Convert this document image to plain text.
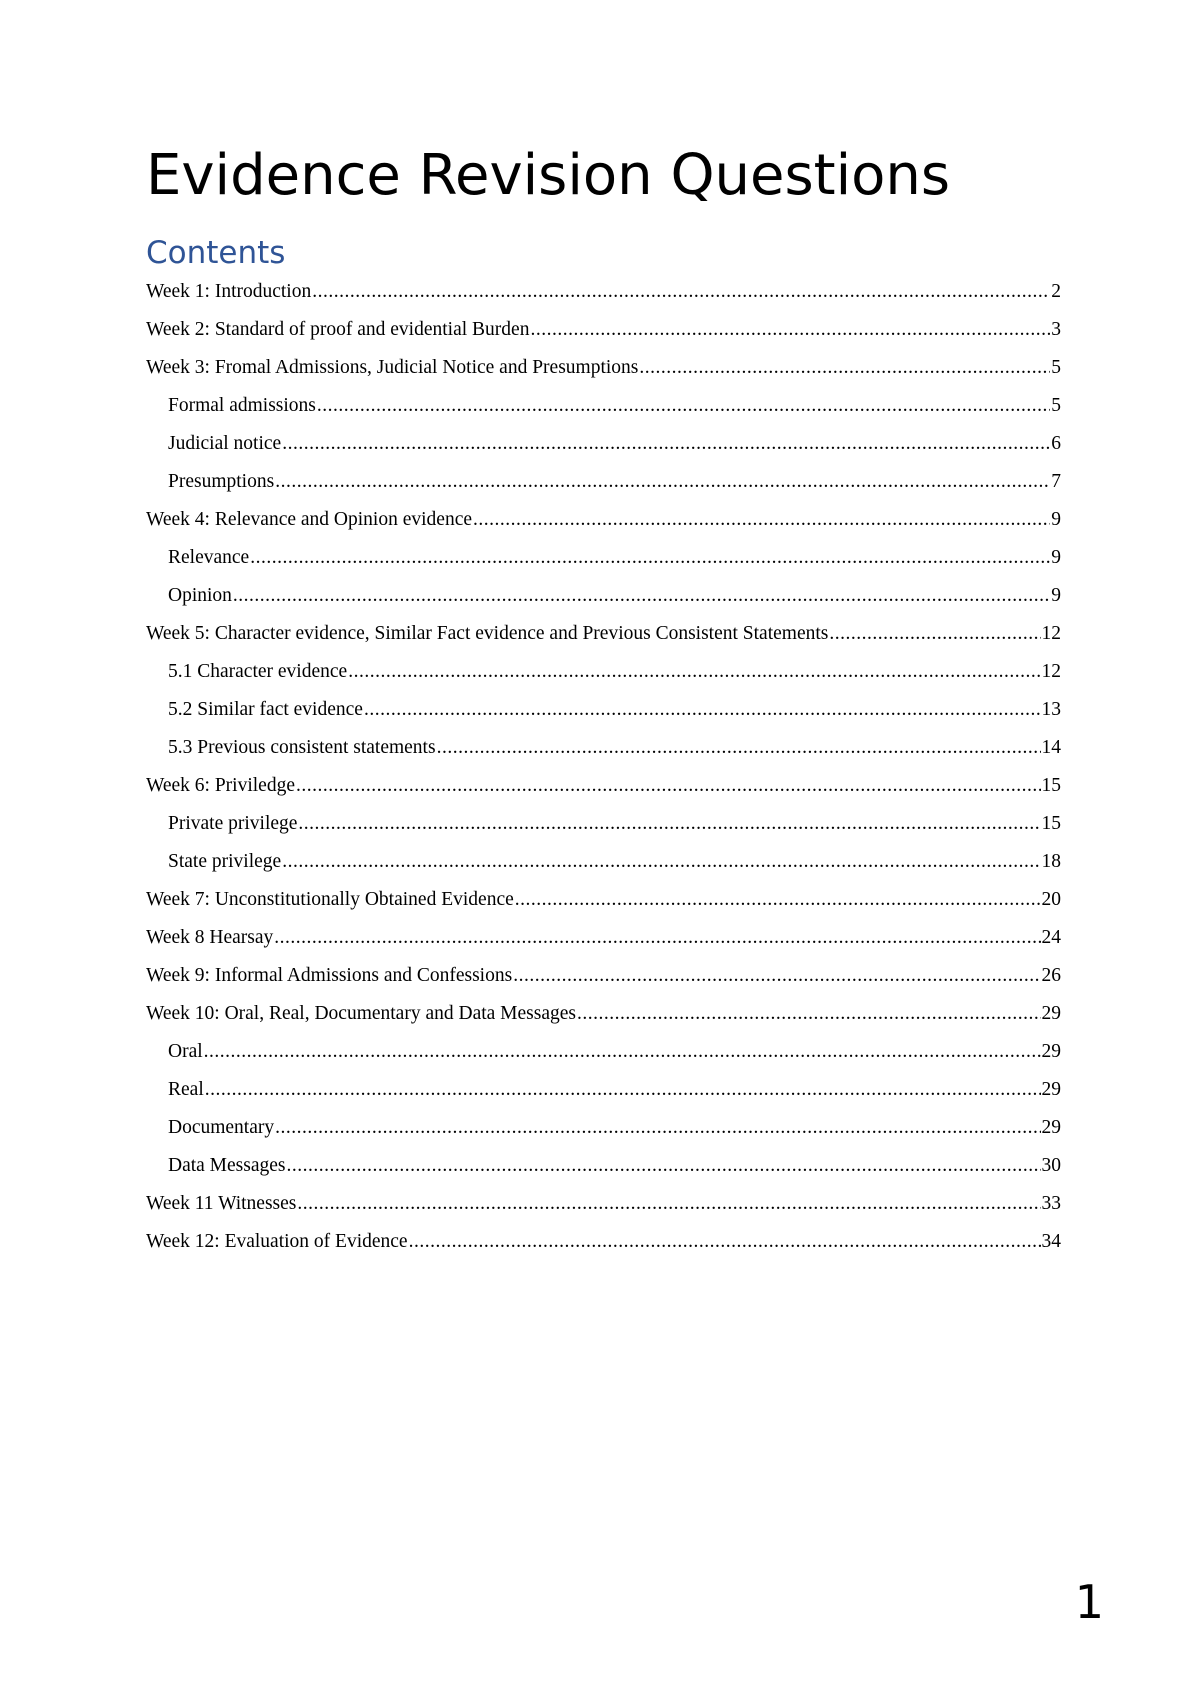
Evidence Revision Questions
Contents
Week 1: Introduction .....	2
Week 2: Standard of proof and evidential Burden .....	3
Week 3: Fromal Admissions, Judicial Notice and Presumptions .....	5
Formal admissions .....	5
Judicial notice .....	6
Presumptions .....	7
Week 4: Relevance and Opinion evidence .....	9
Relevance .....	9
Opinion .....	9
Week 5: Character evidence, Similar Fact evidence and Previous Consistent Statements .....	12
5.1 Character evidence .....	12
5.2 Similar fact evidence .....	13
5.3 Previous consistent statements .....	14
Week 6: Priviledge .....	15
Private privilege .....	15
State privilege .....	18
Week 7: Unconstitutionally Obtained Evidence .....	20
Week 8 Hearsay .....	24
Week 9: Informal Admissions and Confessions .....	26
Week 10: Oral, Real, Documentary and Data Messages .....	29
Oral .....	29
Real .....	29
Documentary .....	29
Data Messages .....	30
Week 11 Witnesses .....	33
Week 12: Evaluation of Evidence .....	34
1
